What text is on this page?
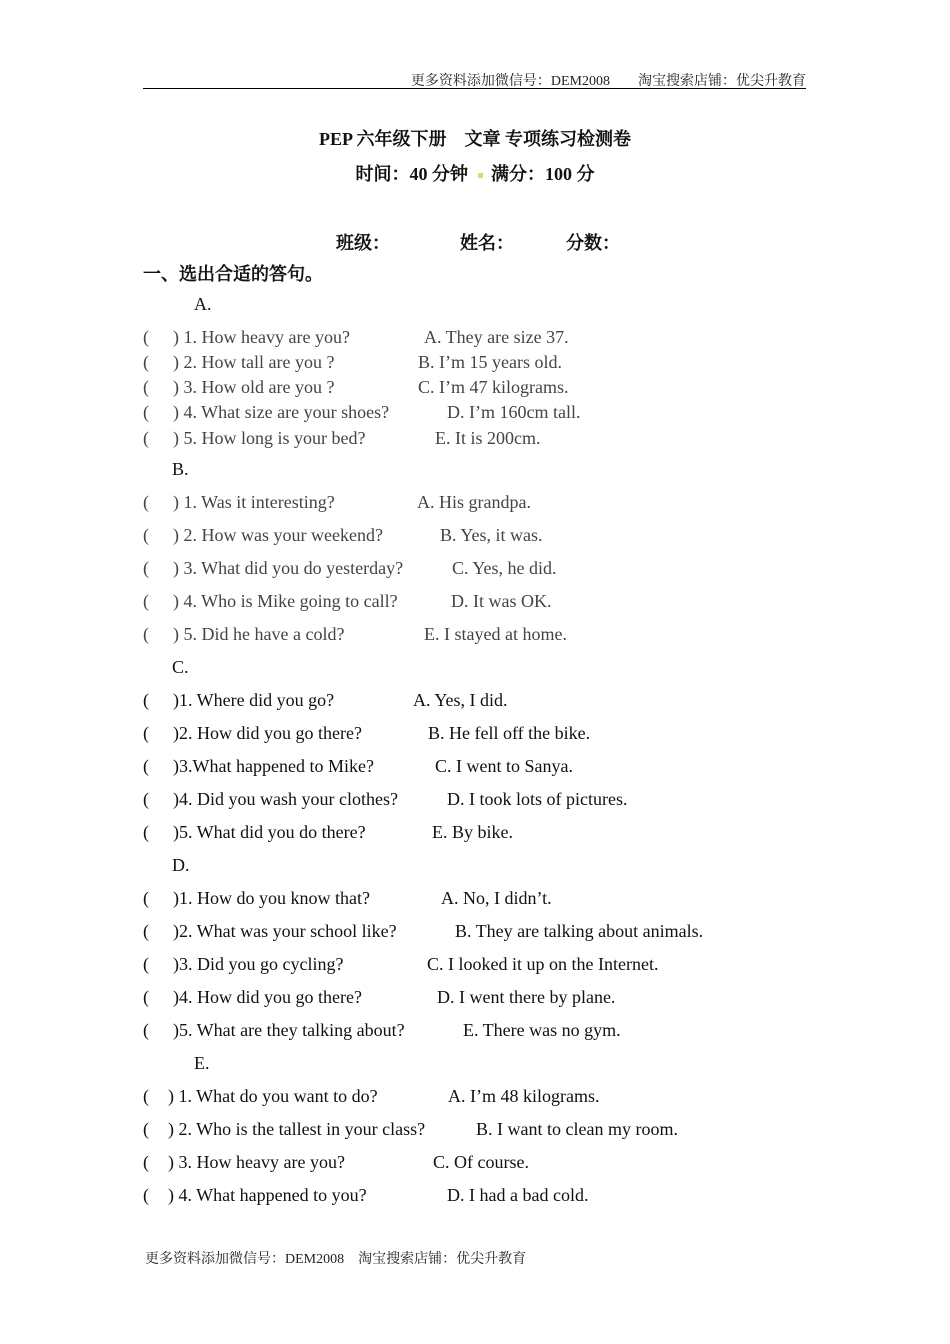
更多资料添加微信号：DEM2008　　淘宝搜索店铺：优尖升教育
PEP 六年级下册　文章 专项练习检测卷
时间：40 分钟 满分：100 分
班级：	姓名：	分数：
一、选出合适的答句。
A.
( ) 1. How heavy are you?	A. They are size 37.
( ) 2. How tall are you ?	B. I’m 15 years old.
( ) 3. How old are you ?	C. I’m 47 kilograms.
( ) 4. What size are your shoes?	D. I’m 160cm tall.
( ) 5. How long is your bed?	E. It is 200cm.
B.
( ) 1. Was it interesting?	A. His grandpa.
( ) 2. How was your weekend?	B. Yes, it was.
( ) 3. What did you do yesterday?	C. Yes, he did.
( ) 4. Who is Mike going to call?	D. It was OK.
( ) 5. Did he have a cold?	E. I stayed at home.
C.
( )1. Where did you go?	A. Yes, I did.
( )2. How did you go there?	B. He fell off the bike.
( )3.What happened to Mike?	C. I went to Sanya.
( )4. Did you wash your clothes?	D. I took lots of pictures.
( )5. What did you do there?	E. By bike.
D.
( )1. How do you know that?	A. No, I didn’t.
( )2. What was your school like?	B. They are talking about animals.
( )3. Did you go cycling?	C. I looked it up on the Internet.
( )4. How did you go there?	D. I went there by plane.
( )5. What are they talking about?	E. There was no gym.
E.
( ) 1. What do you want to do?	A. I’m 48 kilograms.
( ) 2. Who is the tallest in your class?	B. I want to clean my room.
( ) 3. How heavy are you?	C. Of course.
( ) 4. What happened to you?	D. I had a bad cold.
更多资料添加微信号：DEM2008　淘宝搜索店铺：优尖升教育
